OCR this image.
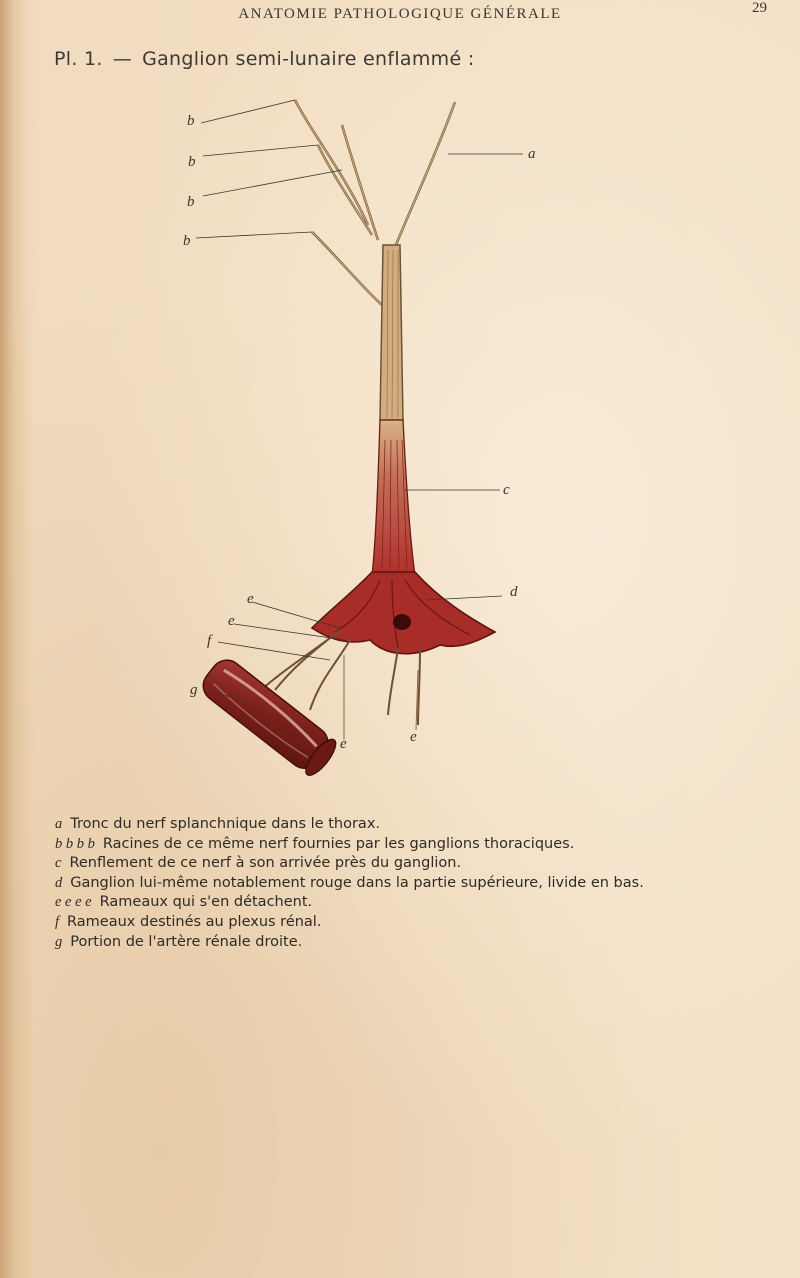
ANATOMIE PATHOLOGIQUE GÉNÉRALE	29
Pl. 1. — Ganglion semi-lunaire enflammé :
b
b
b
b
a
c
d
e
e
f
g
e	e
a Tronc du nerf splanchnique dans le thorax.
b b b b Racines de ce même nerf fournies par les ganglions thoraciques.
c Renflement de ce nerf à son arrivée près du ganglion.
d Ganglion lui-même notablement rouge dans la partie supérieure, livide en bas.
e e e e Rameaux qui s'en détachent.
f Rameaux destinés au plexus rénal.
g Portion de l'artère rénale droite.
